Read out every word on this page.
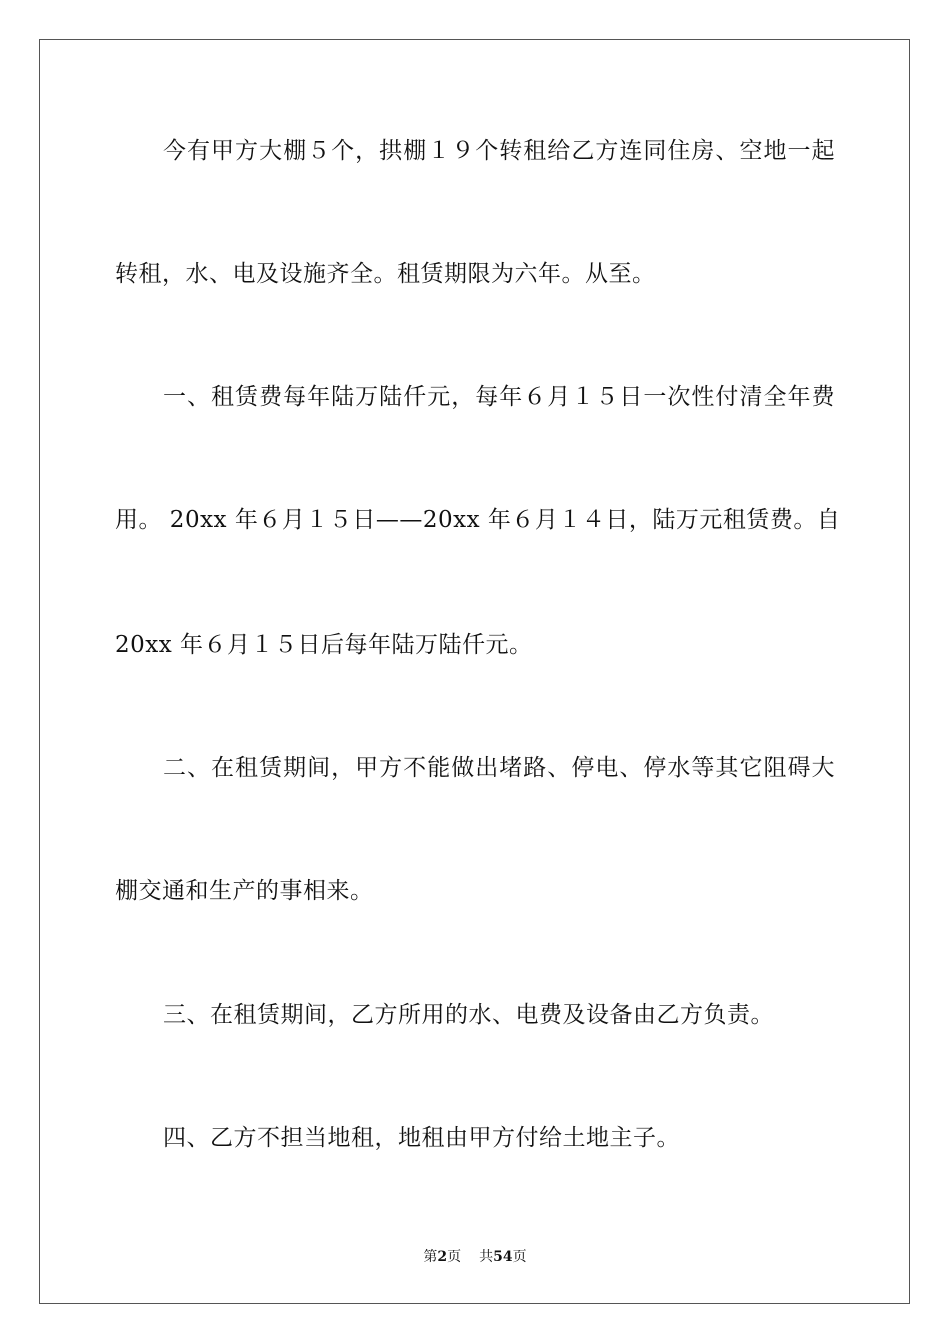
今有甲方大棚５个，拱棚１９个转租给乙方连同住房、空地一起
转租，水、电及设施齐全。租赁期限为六年。从至。
一、租赁费每年陆万陆仟元，每年６月１５日一次性付清全年费
用。 20xx 年６月１５日——20xx 年６月１４日，陆万元租赁费。自
20xx 年６月１５日后每年陆万陆仟元。
二、在租赁期间，甲方不能做出堵路、停电、停水等其它阻碍大
棚交通和生产的事相来。
三、在租赁期间，乙方所用的水、电费及设备由乙方负责。
四、乙方不担当地租，地租由甲方付给土地主子。
第2页 共54页
